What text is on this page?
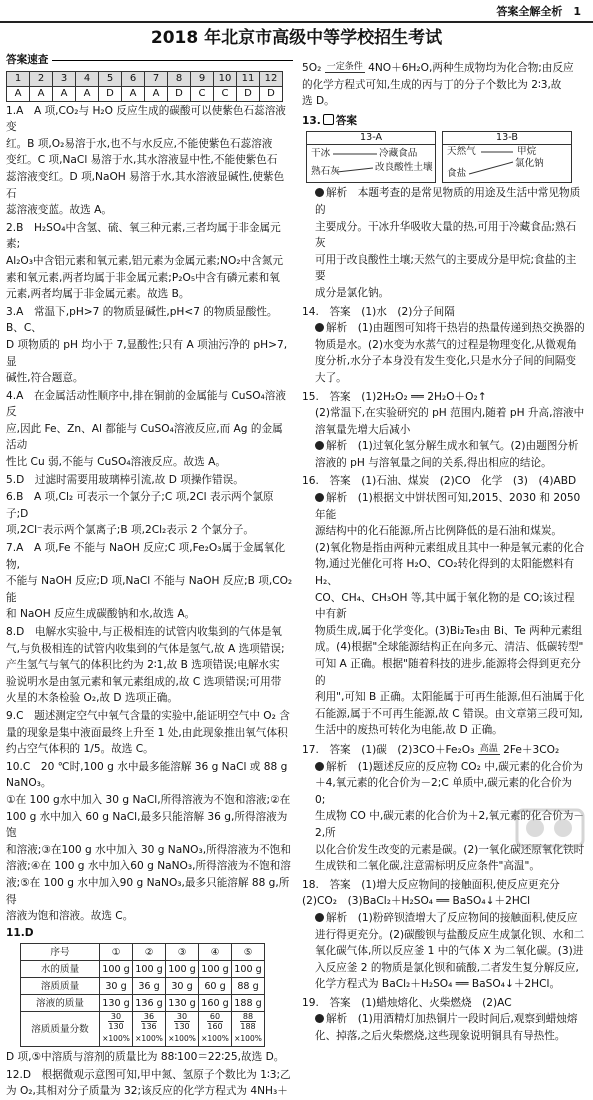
答案全解全析　1
2018 年北京市高级中等学校招生考试
答案速查
1	2	3	4	5	6	7	8	9	10	11	12
A	A	A	A	D	A	A	D	C	C	D	D

1.A　A 项,CO₂与 H₂O 反应生成的碳酸可以使紫色石蕊溶液变

红。B 项,O₂易溶于水,也不与水反应,不能使紫色石蕊溶液

变红。C 项,NaCl 易溶于水,其水溶液显中性,不能使紫色石

蕊溶液变红。D 项,NaOH 易溶于水,其水溶液显碱性,使紫色石

蕊溶液变蓝。故选 A。

2.B　H₂SO₄中含氢、硫、氧三种元素,三者均属于非金属元素;

Al₂O₃中含铝元素和氧元素,铝元素为金属元素;NO₂中含氮元

素和氧元素,两者均属于非金属元素;P₂O₅中含有磷元素和氧

元素,两者均属于非金属元素。故选 B。

3.A　常温下,pH>7 的物质显碱性,pH<7 的物质显酸性。B、C、

D 项物质的 pH 均小于 7,显酸性;只有 A 项油污净的 pH>7,显

碱性,符合题意。

4.A　在金属活动性顺序中,排在铜前的金属能与 CuSO₄溶液反

应,因此 Fe、Zn、Al 都能与 CuSO₄溶液反应,而 Ag 的金属活动

性比 Cu 弱,不能与 CuSO₄溶液反应。故选 A。

5.D　过滤时需要用玻璃棒引流,故 D 项操作错误。

6.B　A 项,Cl₂ 可表示一个氯分子;C 项,2Cl 表示两个氯原子;D

项,2Cl⁻表示两个氯离子;B 项,2Cl₂表示 2 个氯分子。

7.A　A 项,Fe 不能与 NaOH 反应;C 项,Fe₂O₃属于金属氧化物,

不能与 NaOH 反应;D 项,NaCl 不能与 NaOH 反应;B 项,CO₂能

和 NaOH 反应生成碳酸钠和水,故选 A。

8.D　电解水实验中,与正极相连的试管内收集到的气体是氧

气,与负极相连的试管内收集到的气体是氢气,故 A 选项错误;

产生氢气与氧气的体积比约为 2∶1,故 B 选项错误;电解水实

验说明水是由氢元素和氧元素组成的,故 C 选项错误;可用带

火星的木条检验 O₂,故 D 选项正确。

9.C　题述测定空气中氧气含量的实验中,能证明空气中 O₂ 含

量的现象是集中液面最终上升至 1 处,由此现象推出氧气体积

约占空气体积的 1/5。故选 C。

10.C　20 ℃时,100 g 水中最多能溶解 36 g NaCl 或 88 g NaNO₃。

①在 100 g水中加入 30 g NaCl,所得溶液为不饱和溶液;②在

100 g 水中加入 60 g NaCl,最多只能溶解 36 g,所得溶液为饱

和溶液;③在100 g 水中加入 30 g NaNO₃,所得溶液为不饱和

溶液;④在 100 g 水中加入60 g NaNO₃,所得溶液为不饱和溶

液;⑤在 100 g 水中加入90 g NaNO₃,最多只能溶解 88 g,所得

溶液为饱和溶液。故选 C。

11.D

序号	①	②	③	④	⑤
水的质量	100 g	100 g	100 g	100 g	100 g
溶质质量	30 g	36 g	30 g	60 g	88 g
溶液的质量	130 g	136 g	130 g	160 g	188 g
溶质质量分数	$\frac{30}{130}\times 100\%$	$\frac{36}{136}\times 100\%$	$\frac{30}{130}\times 100\%$	$\frac{60}{160}\times 100\%$	$\frac{88}{188}\times 100\%$

D 项,⑤中溶质与溶剂的质量比为 88∶100＝22∶25,故选 D。

12.D　根据微观示意图可知,甲中氮、氢原子个数比为 1∶3;乙

为 O₂,其相对分子质量为 32;该反应的化学方程式为 4NH₃＋

5O₂ 一定条件 4NO＋6H₂O,两种生成物均为化合物;由反应

的化学方程式可知,生成的丙与丁的分子个数比为 2∶3,故

选 D。

13. 答案

13-A
干冰
熟石灰
冷藏食品
改良酸性土壤
13-B
天然气
食盐
甲烷
氯化钠

解析　本题考查的是常见物质的用途及生活中常见物质的

主要成分。干冰升华吸收大量的热,可用于冷藏食品;熟石灰

可用于改良酸性土壤;天然气的主要成分是甲烷;食盐的主要

成分是氯化钠。

14.　答案　(1)水　(2)分子间隔

解析　(1)由题图可知将干热岩的热量传递到热交换器的

物质是水。(2)水变为水蒸气的过程是物理变化,从微观角

度分析,水分子本身没有发生变化,只是水分子间的间隔变

大了。

15.　答案　(1)2H₂O₂ ══ 2H₂O＋O₂↑

(2)常温下,在实验研究的 pH 范围内,随着 pH 升高,溶液中

溶氧量先增大后减小

解析　(1)过氧化氢分解生成水和氧气。(2)由题图分析

溶液的 pH 与溶氧量之间的关系,得出相应的结论。

16.　答案　(1)石油、煤炭　(2)CO　化学　(3)　(4)ABD

解析　(1)根据文中饼状图可知,2015、2030 和 2050 年能

源结构中的化石能源,所占比例降低的是石油和煤炭。

(2)氧化物是指由两种元素组成且其中一种是氧元素的化合

物,通过光催化可将 H₂O、CO₂转化得到的太阳能燃料有 H₂、

CO、CH₄、CH₃OH 等,其中属于氧化物的是 CO;该过程中有新

物质生成,属于化学变化。(3)Bi₂Te₃由 Bi、Te 两种元素组

成。(4)根据"全球能源结构正在向多元、清洁、低碳转型"

可知 A 正确。根据"随着科技的进步,能源将会得到更充分的

利用",可知 B 正确。太阳能属于可再生能源,但石油属于化

石能源,属于不可再生能源,故 C 错误。由文章第三段可知,

生活中的废热可转化为电能,故 D 正确。

17.　答案　(1)碳　(2)3CO＋Fe₂O₃ 高温 2Fe＋3CO₂

解析　(1)题述反应的反应物 CO₂ 中,碳元素的化合价为

＋4,氧元素的化合价为－2;C 单质中,碳元素的化合价为 0;

生成物 CO 中,碳元素的化合价为＋2,氧元素的化合价为－2,所

以化合价发生改变的元素是碳。(2)一氧化碳还原氧化铁时

生成铁和二氧化碳,注意需标明反应条件"高温"。

18.　答案　(1)增大反应物间的接触面积,使反应更充分

(2)CO₂　(3)BaCl₂＋H₂SO₄ ══ BaSO₄↓＋2HCl

解析　(1)粉碎钡渣增大了反应物间的接触面积,使反应

进行得更充分。(2)碳酸钡与盐酸反应生成氯化钡、水和二

氧化碳气体,所以反应釜 1 中的气体 X 为二氧化碳。(3)进

入反应釜 2 的物质是氯化钡和硫酸,二者发生复分解反应,

化学方程式为 BaCl₂＋H₂SO₄ ══ BaSO₄↓＋2HCl。

19.　答案　(1)蜡烛熔化、火柴燃烧　(2)AC

解析　(1)用酒精灯加热铜片一段时间后,观察到蜡烛熔

化、掉落,之后火柴燃烧,这些现象说明铜具有导热性。
